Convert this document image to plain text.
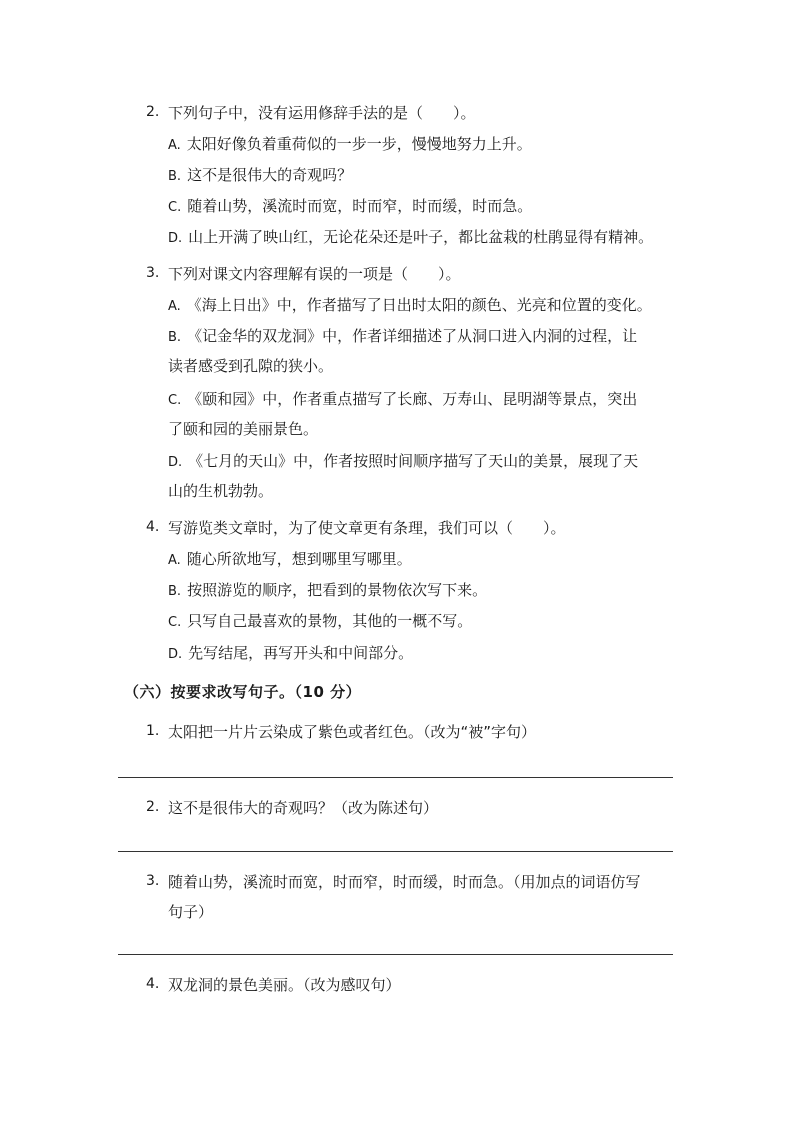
2. 下列句子中，没有运用修辞手法的是（　　）。
A. 太阳好像负着重荷似的一步一步，慢慢地努力上升。
B. 这不是很伟大的奇观吗？
C. 随着山势，溪流时而宽，时而窄，时而缓，时而急。
D. 山上开满了映山红，无论花朵还是叶子，都比盆栽的杜鹃显得有精神。
3. 下列对课文内容理解有误的一项是（　　）。
A. 《海上日出》中，作者描写了日出时太阳的颜色、光亮和位置的变化。
B. 《记金华的双龙洞》中，作者详细描述了从洞口进入内洞的过程，让
读者感受到孔隙的狭小。
C. 《颐和园》中，作者重点描写了长廊、万寿山、昆明湖等景点，突出
了颐和园的美丽景色。
D. 《七月的天山》中，作者按照时间顺序描写了天山的美景，展现了天
山的生机勃勃。
4. 写游览类文章时，为了使文章更有条理，我们可以（　　）。
A. 随心所欲地写，想到哪里写哪里。
B. 按照游览的顺序，把看到的景物依次写下来。
C. 只写自己最喜欢的景物，其他的一概不写。
D. 先写结尾，再写开头和中间部分。
（六）按要求改写句子。（10 分）
1. 太阳把一片片云染成了紫色或者红色。（改为“被”字句）
2. 这不是很伟大的奇观吗？（改为陈述句）
3. 随着山势，溪流时而宽，时而窄，时而缓，时而急。（用加点的词语仿写
句子）
4. 双龙洞的景色美丽。（改为感叹句）
